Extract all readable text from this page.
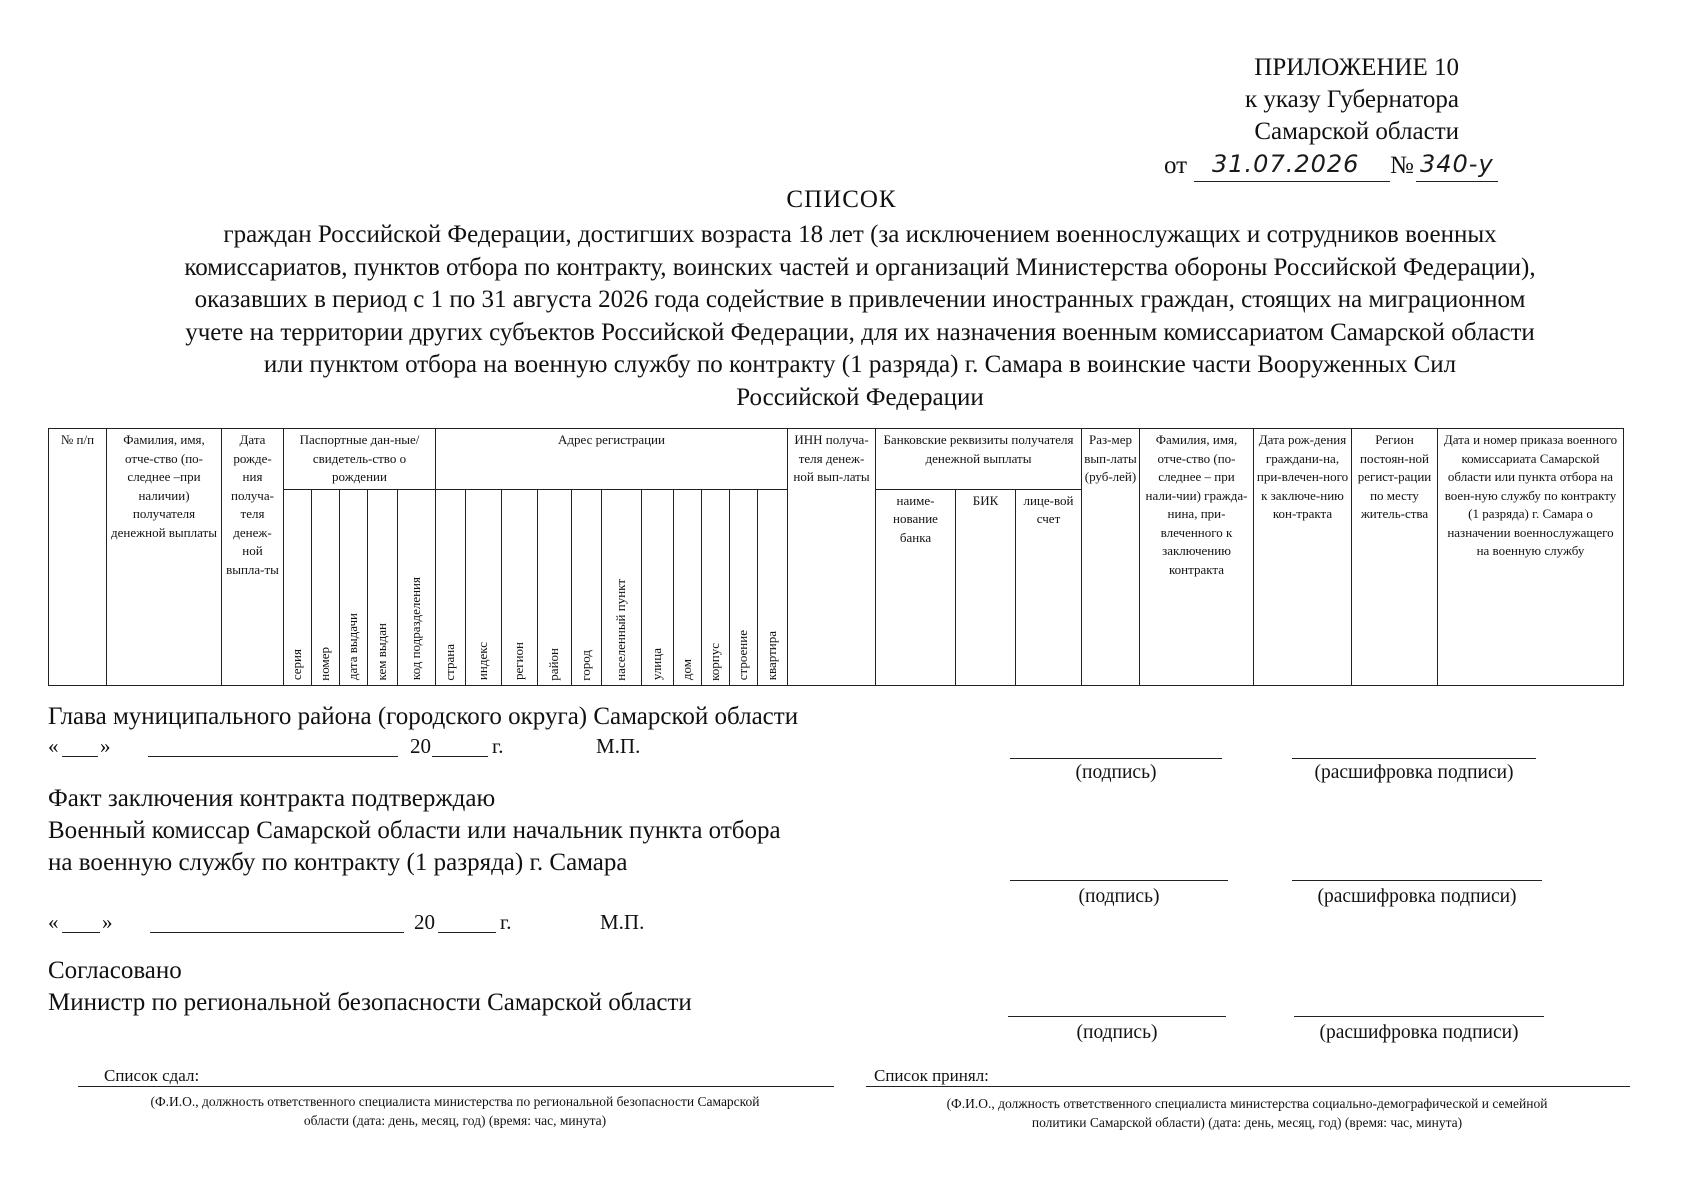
ПРИЛОЖЕНИЕ 10
к указу Губернатора
Самарской области
от 31.07.2026 № 340-у
СПИСОК
граждан Российской Федерации, достигших возраста 18 лет (за исключением военнослужащих и сотрудников военных
комиссариатов, пунктов отбора по контракту, воинских частей и организаций Министерства обороны Российской Федерации),
оказавших в период с 1 по 31 августа 2026 года содействие в привлечении иностранных граждан, стоящих на миграционном
учете на территории других субъектов Российской Федерации, для их назначения военным комиссариатом Самарской области
или пунктом отбора на военную службу по контракту (1 разряда) г. Самара в воинские части Вооруженных Сил
Российской Федерации
№ п/п	Фамилия, имя, отче-ство (по-следнее –при наличии) получателя денежной выплаты	Дата рожде-ния получа-теля денеж-ной выпла-ты	Паспортные дан-ные/ свидетель-ство о рождении					Адрес регистрации											ИНН получа-теля денеж-ной вып-латы	Банковские реквизиты получателя денежной выплаты			Раз-мер вып-латы (руб-лей)	Фамилия, имя, отче-ство (по-следнее – при нали-чии) гражда-нина, при-влеченного к заключению контракта	Дата рож-дения граждани-на, при-влечен-ного к заключе-нию кон-тракта	Регион постоян-ной регист-рации по месту житель-ства	Дата и номер приказа военного комиссариата Самарской области или пункта отбора на воен-ную службу по контракту (1 разряда) г. Самара о назначении военнослужащего на военную службу

			серия	номер	дата выдачи	кем выдан	код подразделения	страна	индекс	регион	район	город	населенный пункт	улица	дом	корпус	строение	квартира		наиме-нование банка	БИК	лице-вой счет					
Глава муниципального района (городского округа) Самарской области
« »	20	г.	М.П.
(подпись)	(расшифровка подписи)
Факт заключения контракта подтверждаю
Военный комиссар Самарской области или начальник пункта отбора
на военную службу по контракту (1 разряда) г. Самара
(подпись)	(расшифровка подписи)
« »	20	г.	М.П.
Согласовано
Министр по региональной безопасности Самарской области
(подпись)	(расшифровка подписи)
Список сдал:
(Ф.И.О., должность ответственного специалиста министерства по региональной безопасности Самарской
области (дата: день, месяц, год) (время: час, минута)
Список принял:
(Ф.И.О., должность ответственного специалиста министерства социально-демографической и семейной
политики Самарской области) (дата: день, месяц, год) (время: час, минута)
